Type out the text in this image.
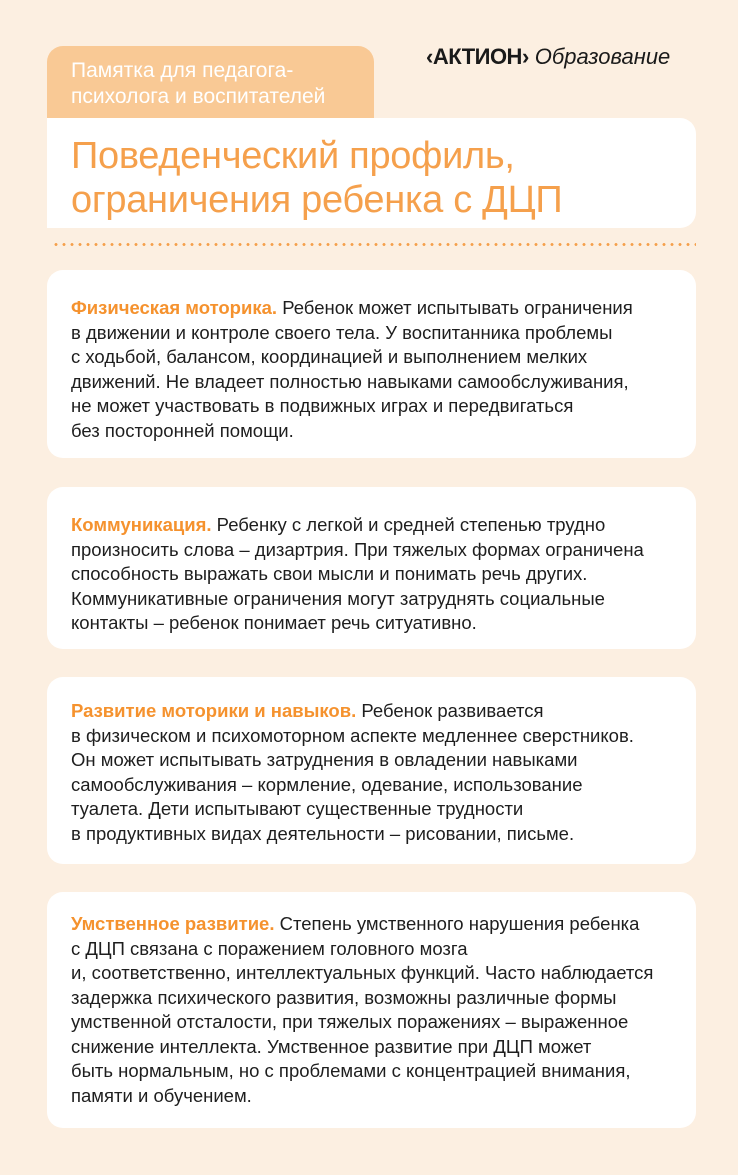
Памятка для педагога-
психолога и воспитателей
‹АКТИОН› Образование
Поведенческий профиль,
ограничения ребенка с ДЦП
Физическая моторика. Ребенок может испытывать ограничения
в движении и контроле своего тела. У воспитанника проблемы
с ходьбой, балансом, координацией и выполнением мелких
движений. Не владеет полностью навыками самообслуживания,
не может участвовать в подвижных играх и передвигаться
без посторонней помощи.
Коммуникация. Ребенку с легкой и средней степенью трудно
произносить слова – дизартрия. При тяжелых формах ограничена
способность выражать свои мысли и понимать речь других.
Коммуникативные ограничения могут затруднять социальные
контакты – ребенок понимает речь ситуативно.
Развитие моторики и навыков. Ребенок развивается
в физическом и психомоторном аспекте медленнее сверстников.
Он может испытывать затруднения в овладении навыками
самообслуживания – кормление, одевание, использование
туалета. Дети испытывают существенные трудности
в продуктивных видах деятельности – рисовании, письме.
Умственное развитие. Степень умственного нарушения ребенка
с ДЦП связана с поражением головного мозга
и, соответственно, интеллектуальных функций. Часто наблюдается
задержка психического развития, возможны различные формы
умственной отсталости, при тяжелых поражениях – выраженное
снижение интеллекта. Умственное развитие при ДЦП может
быть нормальным, но с проблемами с концентрацией внимания,
памяти и обучением.
